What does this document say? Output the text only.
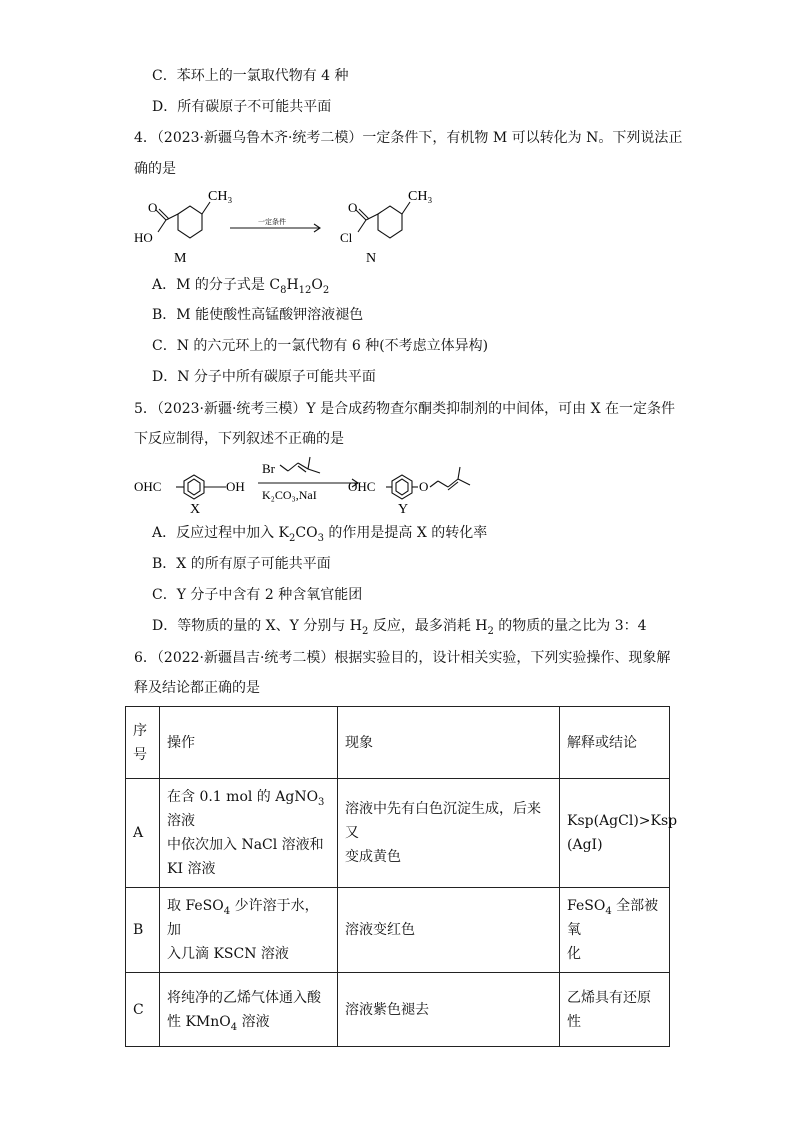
C．苯环上的一氯取代物有 4 种
D．所有碳原子不可能共平面
4．（2023·新疆乌鲁木齐·统考二模）一定条件下，有机物 M 可以转化为 N。下列说法正
确的是
CH₃
O
HO
M
一定条件
CH₃
O
Cl
N
A．M 的分子式是 $C_8H_{12}O_2$
B．M 能使酸性高锰酸钾溶液褪色
C．N 的六元环上的一氯代物有 6 种(不考虑立体异构)
D．N 分子中所有碳原子可能共平面
5．（2023·新疆·统考三模）Y 是合成药物查尔酮类抑制剂的中间体，可由 X 在一定条件
下反应制得，下列叙述不正确的是
OHC	OH
X
Br
K₂CO₃,NaI
OHC	O
Y
A．反应过程中加入 $K_2CO_3$ 的作用是提高 X 的转化率
B．X 的所有原子可能共平面
C．Y 分子中含有 2 种含氧官能团
D．等物质的量的 X、Y 分别与 $H_2$ 反应，最多消耗 $H_2$ 的物质的量之比为 3：4
6．（2022·新疆昌吉·统考二模）根据实验目的，设计相关实验，下列实验操作、现象解
释及结论都正确的是
序
号	操作	现象	解释或结论
A	在含 0.1 mol 的 AgNO$_3$溶液
中依次加入 NaCl 溶液和
KI 溶液	溶液中先有白色沉淀生成，后来又
变成黄色	Ksp(AgCl)>Ksp
(AgI)
B	取 FeSO$_4$ 少许溶于水，加
入几滴 KSCN 溶液	溶液变红色	FeSO$_4$ 全部被氧
化
C	将纯净的乙烯气体通入酸
性 KMnO$_4$ 溶液	溶液紫色褪去	乙烯具有还原
性
